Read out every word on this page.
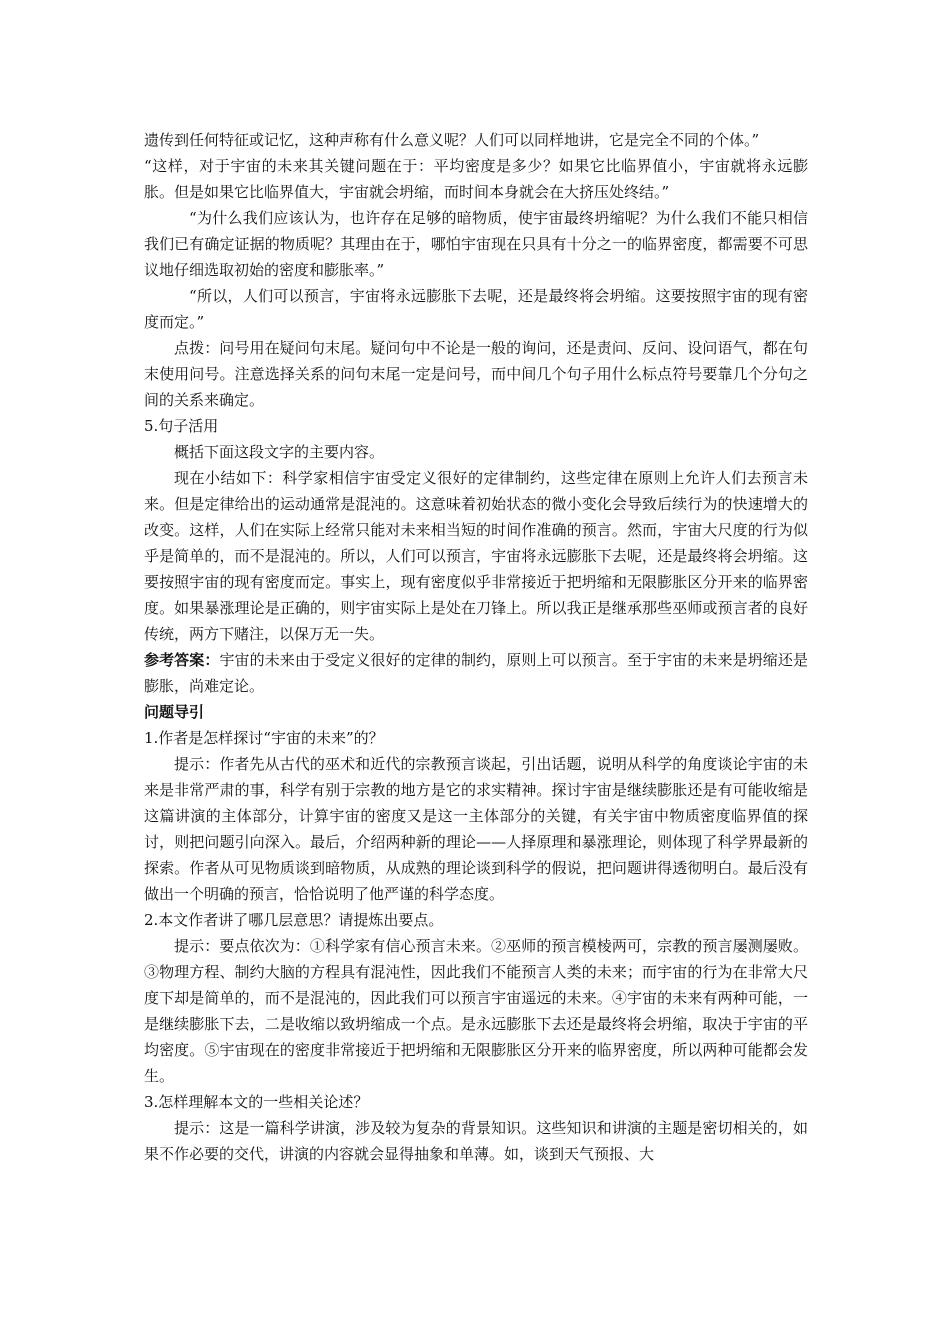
遗传到任何特征或记忆，这种声称有什么意义呢？人们可以同样地讲，它是完全不同的个体。”

“这样，对于宇宙的未来其关键问题在于：平均密度是多少？如果它比临界值小，宇宙就将永远膨胀。但是如果它比临界值大，宇宙就会坍缩，而时间本身就会在大挤压处终结。”

“为什么我们应该认为，也许存在足够的暗物质，使宇宙最终坍缩呢？为什么我们不能只相信我们已有确定证据的物质呢？其理由在于，哪怕宇宙现在只具有十分之一的临界密度，都需要不可思议地仔细选取初始的密度和膨胀率。”

“所以，人们可以预言，宇宙将永远膨胀下去呢，还是最终将会坍缩。这要按照宇宙的现有密度而定。”

点拨：问号用在疑问句末尾。疑问句中不论是一般的询问，还是责问、反问、设问语气，都在句末使用问号。注意选择关系的问句末尾一定是问号，而中间几个句子用什么标点符号要靠几个分句之间的关系来确定。

5.句子活用

概括下面这段文字的主要内容。

现在小结如下：科学家相信宇宙受定义很好的定律制约，这些定律在原则上允许人们去预言未来。但是定律给出的运动通常是混沌的。这意味着初始状态的微小变化会导致后续行为的快速增大的改变。这样，人们在实际上经常只能对未来相当短的时间作准确的预言。然而，宇宙大尺度的行为似乎是简单的，而不是混沌的。所以，人们可以预言，宇宙将永远膨胀下去呢，还是最终将会坍缩。这要按照宇宙的现有密度而定。事实上，现有密度似乎非常接近于把坍缩和无限膨胀区分开来的临界密度。如果暴涨理论是正确的，则宇宙实际上是处在刀锋上。所以我正是继承那些巫师或预言者的良好传统，两方下赌注，以保万无一失。

参考答案：宇宙的未来由于受定义很好的定律的制约，原则上可以预言。至于宇宙的未来是坍缩还是膨胀，尚难定论。

问题导引

1.作者是怎样探讨“宇宙的未来”的？

提示：作者先从古代的巫术和近代的宗教预言谈起，引出话题，说明从科学的角度谈论宇宙的未来是非常严肃的事，科学有别于宗教的地方是它的求实精神。探讨宇宙是继续膨胀还是有可能收缩是这篇讲演的主体部分，计算宇宙的密度又是这一主体部分的关键，有关宇宙中物质密度临界值的探讨，则把问题引向深入。最后，介绍两种新的理论——人择原理和暴涨理论，则体现了科学界最新的探索。作者从可见物质谈到暗物质，从成熟的理论谈到科学的假说，把问题讲得透彻明白。最后没有做出一个明确的预言，恰恰说明了他严谨的科学态度。

2.本文作者讲了哪几层意思？请提炼出要点。

提示：要点依次为：①科学家有信心预言未来。②巫师的预言模棱两可，宗教的预言屡测屡败。③物理方程、制约大脑的方程具有混沌性，因此我们不能预言人类的未来；而宇宙的行为在非常大尺度下却是简单的，而不是混沌的，因此我们可以预言宇宙遥远的未来。④宇宙的未来有两种可能，一是继续膨胀下去，二是收缩以致坍缩成一个点。是永远膨胀下去还是最终将会坍缩，取决于宇宙的平均密度。⑤宇宙现在的密度非常接近于把坍缩和无限膨胀区分开来的临界密度，所以两种可能都会发生。

3.怎样理解本文的一些相关论述？

提示：这是一篇科学讲演，涉及较为复杂的背景知识。这些知识和讲演的主题是密切相关的，如果不作必要的交代，讲演的内容就会显得抽象和单薄。如，谈到天气预报、大
